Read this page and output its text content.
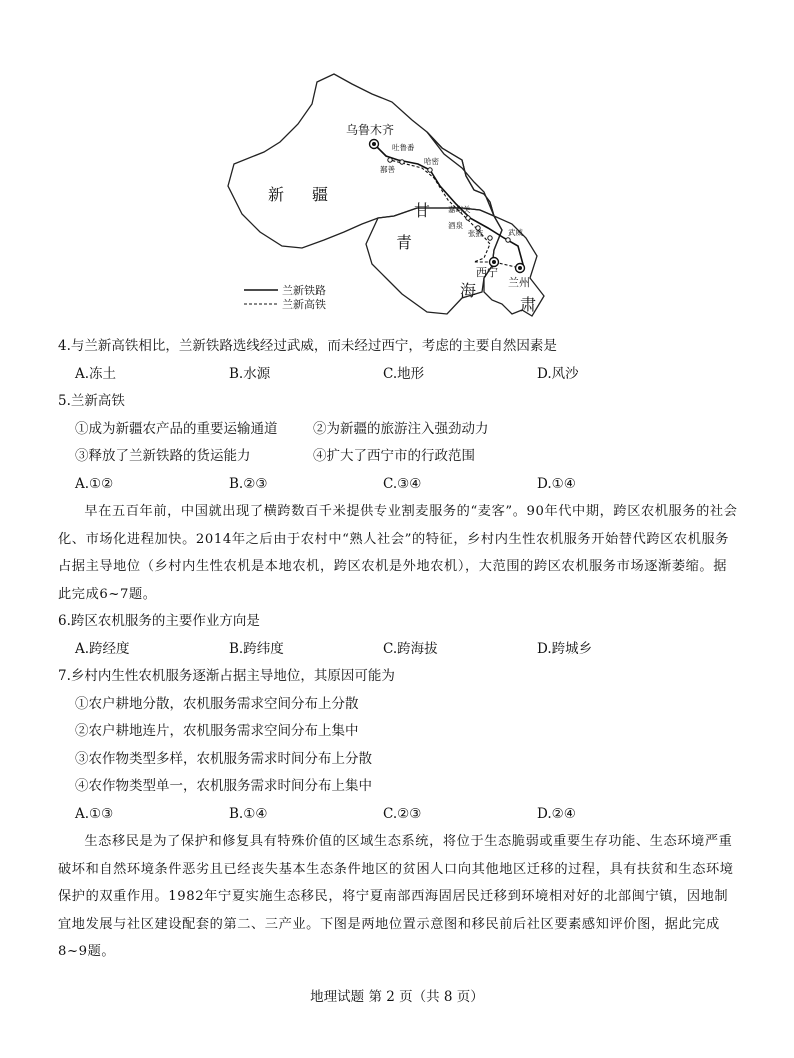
乌鲁木齐
吐鲁番
鄯善
哈密
嘉峪关
酒泉
张掖	武威
西宁
兰州
新 疆
甘
肃
青
海
兰新铁路
兰新高铁
4.与兰新高铁相比，兰新铁路选线经过武威，而未经过西宁，考虑的主要自然因素是
A.冻土	B.水源	C.地形	D.风沙
5.兰新高铁
①成为新疆农产品的重要运输通道	②为新疆的旅游注入强劲动力
③释放了兰新铁路的货运能力	④扩大了西宁市的行政范围
A.①②	B.②③	C.③④	D.①④

早在五百年前，中国就出现了横跨数百千米提供专业割麦服务的“麦客”。90年代中期，跨区农机服务的社会化、市场化进程加快。2014年之后由于农村中“熟人社会”的特征，乡村内生性农机服务开始替代跨区农机服务占据主导地位（乡村内生性农机是本地农机，跨区农机是外地农机），大范围的跨区农机服务市场逐渐萎缩。据此完成6~7题。

6.跨区农机服务的主要作业方向是
A.跨经度	B.跨纬度	C.跨海拔	D.跨城乡
7.乡村内生性农机服务逐渐占据主导地位，其原因可能为
①农户耕地分散，农机服务需求空间分布上分散
②农户耕地连片，农机服务需求空间分布上集中
③农作物类型多样，农机服务需求时间分布上分散
④农作物类型单一，农机服务需求时间分布上集中
A.①③	B.①④	C.②③	D.②④

生态移民是为了保护和修复具有特殊价值的区域生态系统，将位于生态脆弱或重要生存功能、生态环境严重破坏和自然环境条件恶劣且已经丧失基本生态条件地区的贫困人口向其他地区迁移的过程，具有扶贫和生态环境保护的双重作用。1982年宁夏实施生态移民，将宁夏南部西海固居民迁移到环境相对好的北部闽宁镇，因地制宜地发展与社区建设配套的第二、三产业。下图是两地位置示意图和移民前后社区要素感知评价图，据此完成8~9题。

地理试题 第 2 页（共 8 页）
